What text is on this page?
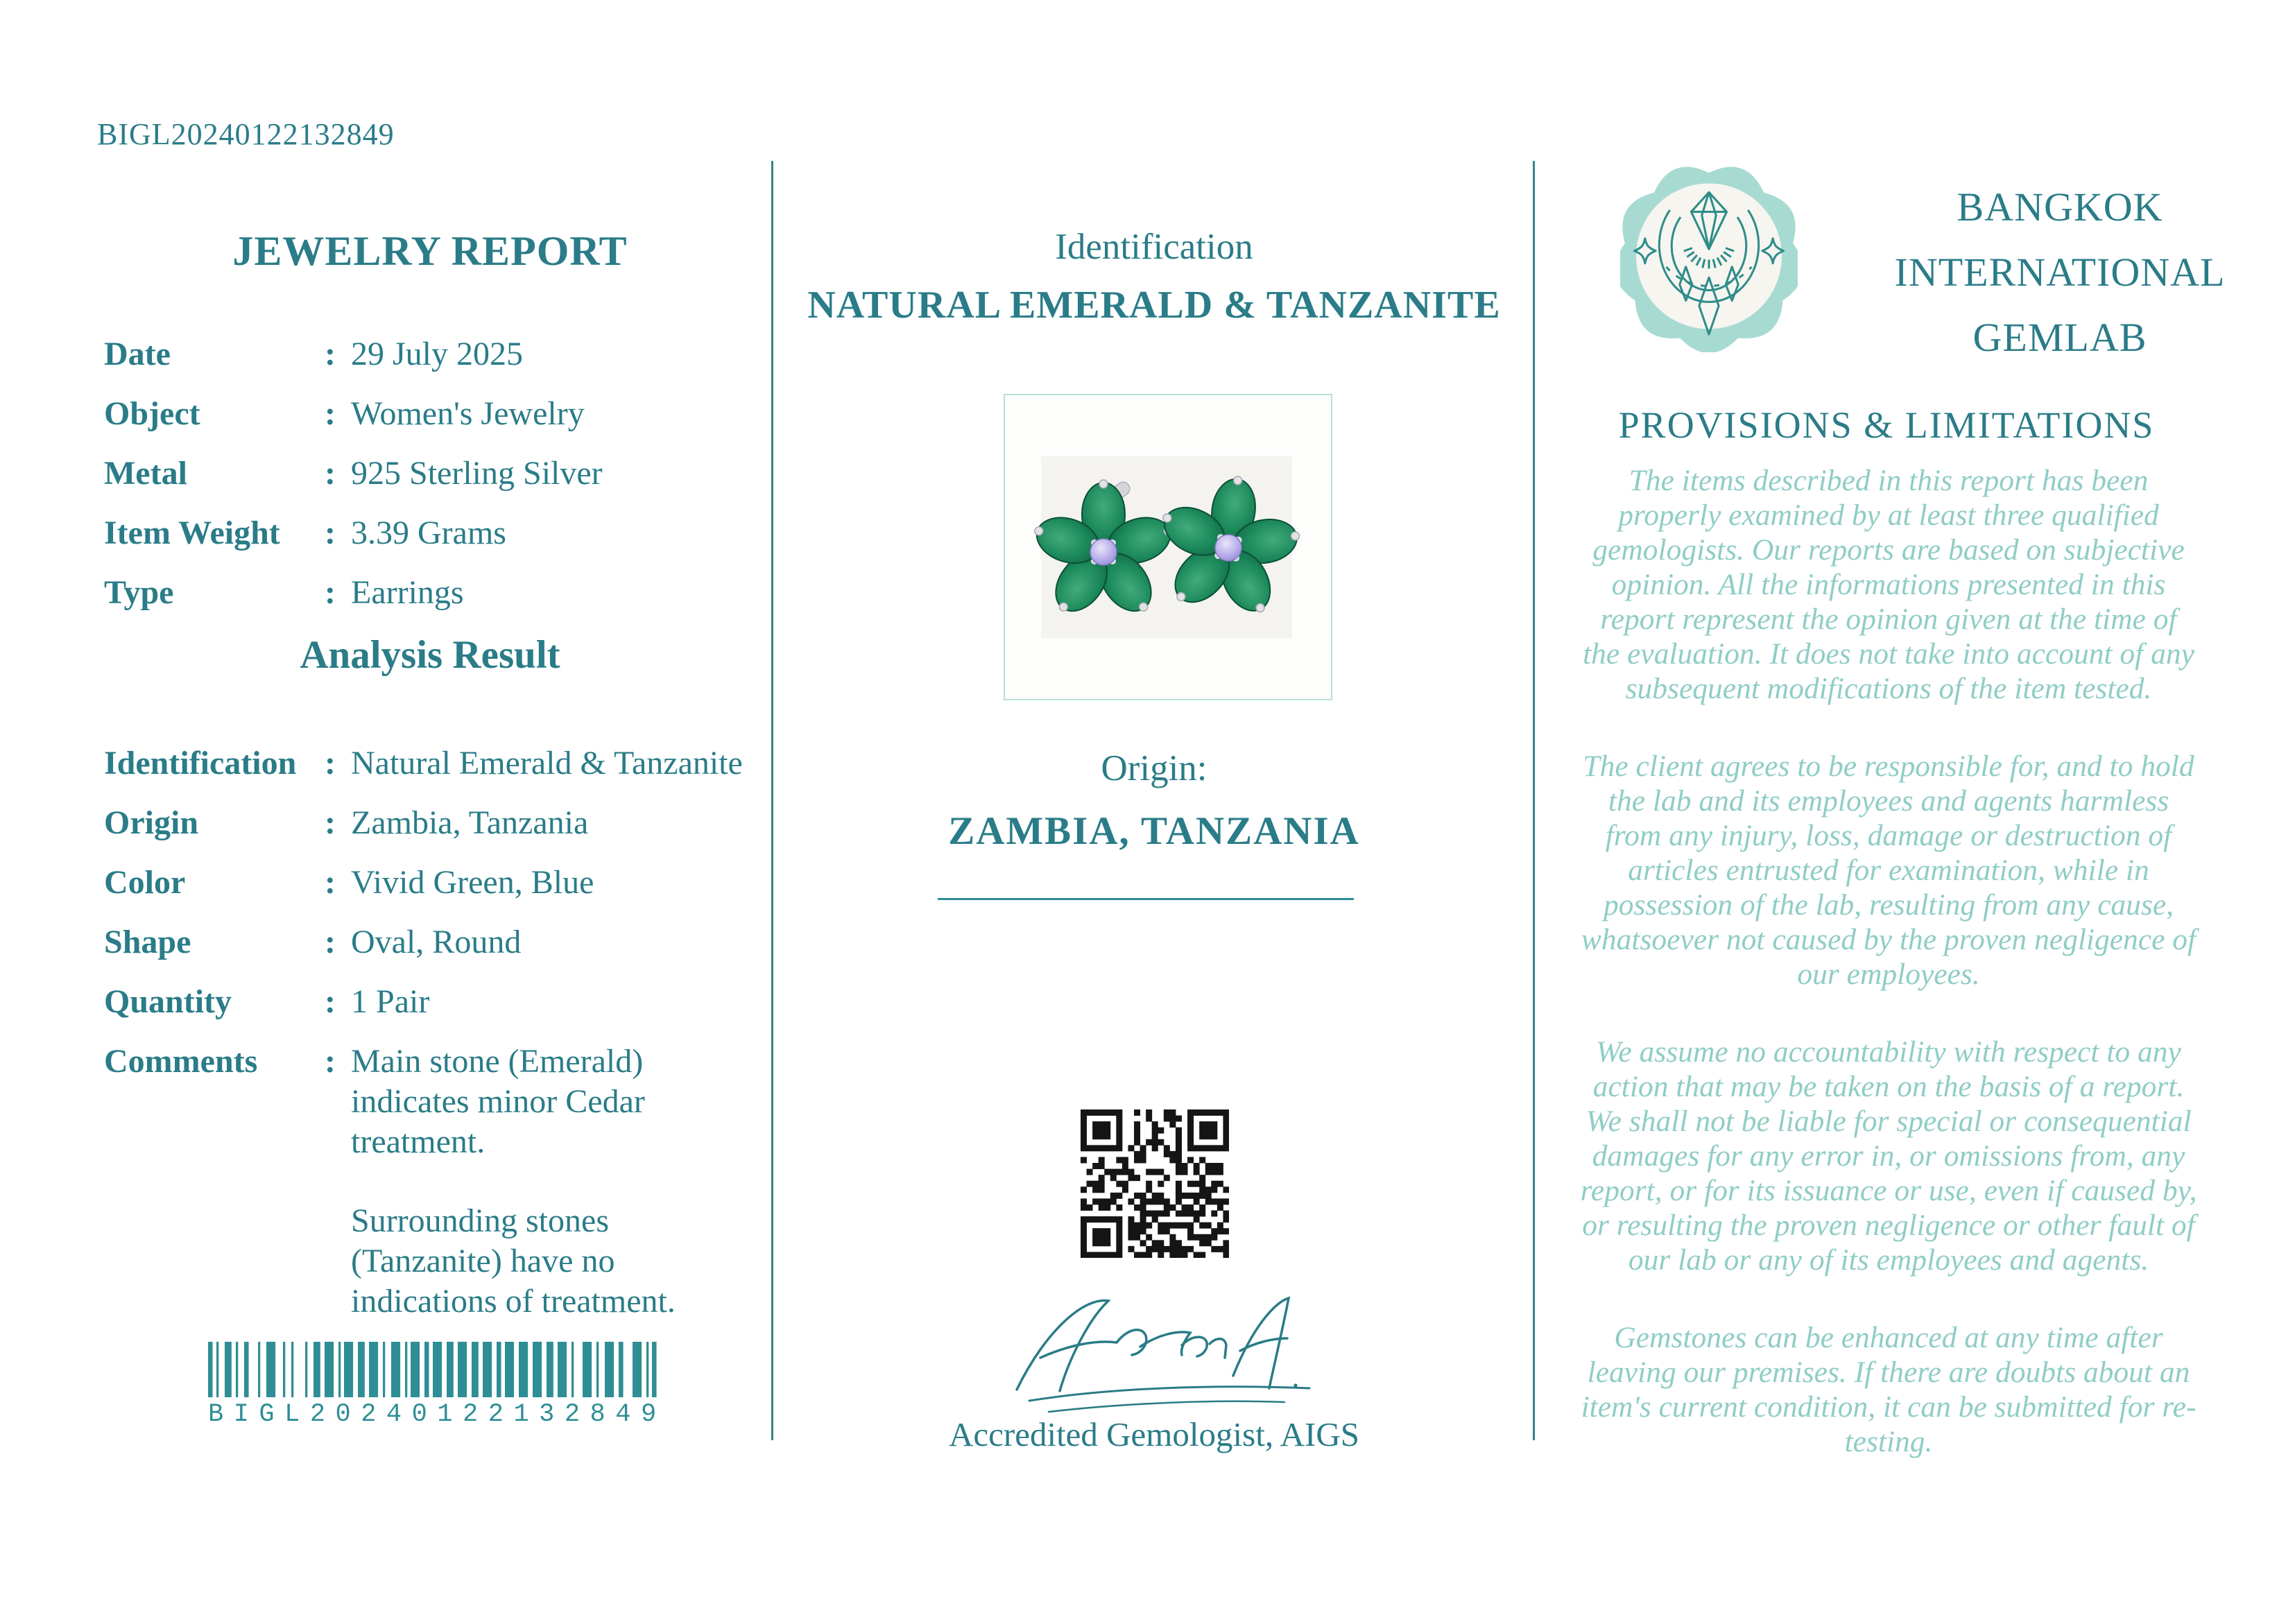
BIGL20240122132849
JEWELRY REPORT
Date	: 29 July 2025
Object	: Women's Jewelry
Metal	: 925 Sterling Silver
Item Weight	: 3.39 Grams
Type	: Earrings
Analysis Result
Identification : Natural Emerald & Tanzanite
Origin	: Zambia, Tanzania
Color	: Vivid Green, Blue
Shape	: Oval, Round
Quantity	: 1 Pair
Comments	: Main stone (Emerald) indicates minor Cedar treatment.

Surrounding stones (Tanzanite) have no indications of treatment.

BIGL20240122132849
Identification
NATURAL EMERALD & TANZANITE
Origin:
ZAMBIA, TANZANIA
Accredited Gemologist, AIGS
BANGKOK
INTERNATIONAL
GEMLAB
PROVISIONS & LIMITATIONS

The items described in this report has been properly examined by at least three qualified gemologists. Our reports are based on subjective opinion. All the informations presented in this report represent the opinion given at the time of the evaluation. It does not take into account of any subsequent modifications of the item tested.

The client agrees to be responsible for, and to hold the lab and its employees and agents harmless from any injury, loss, damage or destruction of articles entrusted for examination, while in possession of the lab, resulting from any cause, whatsoever not caused by the proven negligence of our employees.

We assume no accountability with respect to any action that may be taken on the basis of a report. We shall not be liable for special or consequential damages for any error in, or omissions from, any report, or for its issuance or use, even if caused by, or resulting the proven negligence or other fault of our lab or any of its employees and agents.

Gemstones can be enhanced at any time after leaving our premises. If there are doubts about an item's current condition, it can be submitted for re-testing.
